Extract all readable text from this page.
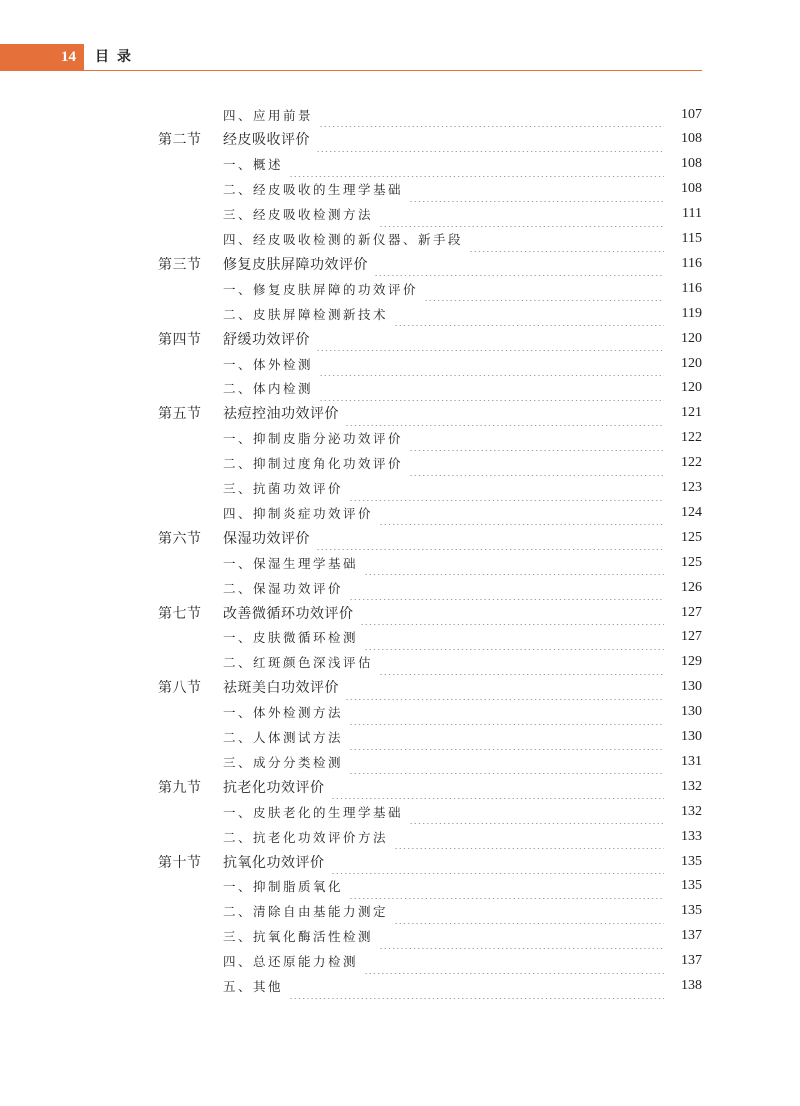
14 目录
四、应用前景	107
第二节	经皮吸收评价	108
一、概述	108
二、经皮吸收的生理学基础	108
三、经皮吸收检测方法	111
四、经皮吸收检测的新仪器、新手段	115
第三节	修复皮肤屏障功效评价	116
一、修复皮肤屏障的功效评价	116
二、皮肤屏障检测新技术	119
第四节	舒缓功效评价	120
一、体外检测	120
二、体内检测	120
第五节	祛痘控油功效评价	121
一、抑制皮脂分泌功效评价	122
二、抑制过度角化功效评价	122
三、抗菌功效评价	123
四、抑制炎症功效评价	124
第六节	保湿功效评价	125
一、保湿生理学基础	125
二、保湿功效评价	126
第七节	改善微循环功效评价	127
一、皮肤微循环检测	127
二、红斑颜色深浅评估	129
第八节	祛斑美白功效评价	130
一、体外检测方法	130
二、人体测试方法	130
三、成分分类检测	131
第九节	抗老化功效评价	132
一、皮肤老化的生理学基础	132
二、抗老化功效评价方法	133
第十节	抗氧化功效评价	135
一、抑制脂质氧化	135
二、清除自由基能力测定	135
三、抗氧化酶活性检测	137
四、总还原能力检测	137
五、其他	138
